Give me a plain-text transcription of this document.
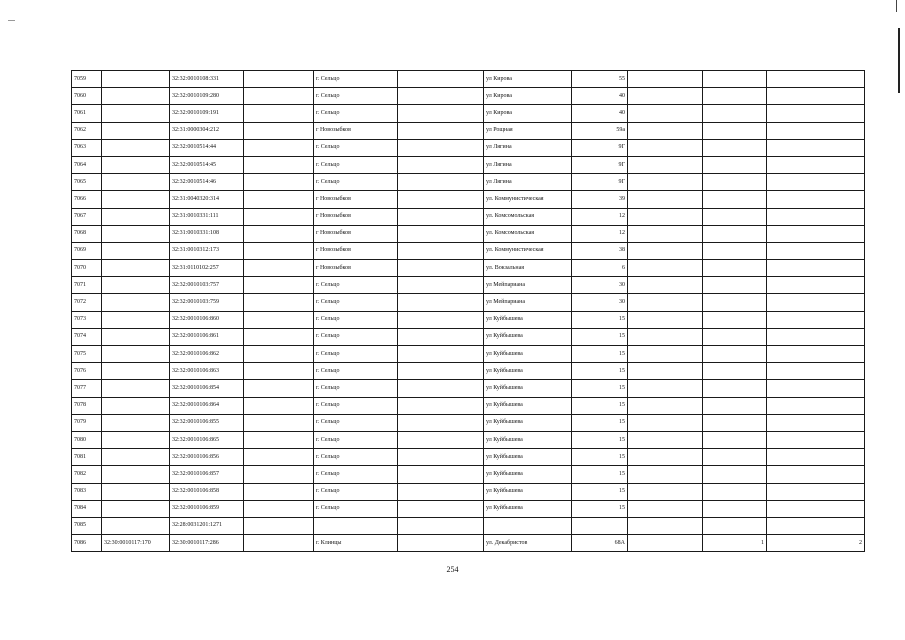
7059		32:32:0010108:331		г. Сельцо		ул Кирова	55			
7060		32:32:0010109:280		г. Сельцо		ул Кирова	40			
7061		32:32:0010109:191		г. Сельцо		ул Кирова	40			
7062		32:31:0000304:212		г Новозыбков		ул Рощная	59а			
7063		32:32:0010514:44		г. Сельцо		ул Лягина	9Г			
7064		32:32:0010514:45		г. Сельцо		ул Лягина	9Г			
7065		32:32:0010514:46		г. Сельцо		ул Лягина	9Г			
7066		32:31:0040320:314		г Новозыбков		ул. Коммунистическая	39			
7067		32:31:0010331:111		г Новозыбков		ул. Комсомольская	12			
7068		32:31:0010331:108		г Новозыбков		ул. Комсомольская	12			
7069		32:31:0010312:173		г Новозыбков		ул. Коммунистическая	38			
7070		32:31:0110102:257		г Новозыбков		ул. Вокзальная	6			
7071		32:32:0010103:757		г. Сельцо		ул Мейпариана	30			
7072		32:32:0010103:759		г. Сельцо		ул Мейпариана	30			
7073		32:32:0010106:860		г. Сельцо		ул Куйбышева	15			
7074		32:32:0010106:861		г. Сельцо		ул Куйбышева	15			
7075		32:32:0010106:862		г. Сельцо		ул Куйбышева	15			
7076		32:32:0010106:863		г. Сельцо		ул Куйбышева	15			
7077		32:32:0010106:854		г. Сельцо		ул Куйбышева	15			
7078		32:32:0010106:864		г. Сельцо		ул Куйбышева	15			
7079		32:32:0010106:855		г. Сельцо		ул Куйбышева	15			
7080		32:32:0010106:865		г. Сельцо		ул Куйбышева	15			
7081		32:32:0010106:856		г. Сельцо		ул Куйбышева	15			
7082		32:32:0010106:857		г. Сельцо		ул Куйбышева	15			
7083		32:32:0010106:858		г. Сельцо		ул Куйбышева	15			
7084		32:32:0010106:859		г. Сельцо		ул Куйбышева	15			
7085		32:28:0031201:1271								
7086	32:30:0010117:170	32:30:0010117:286		г. Клинцы		ул. Декабристов	68А		1	2
254
